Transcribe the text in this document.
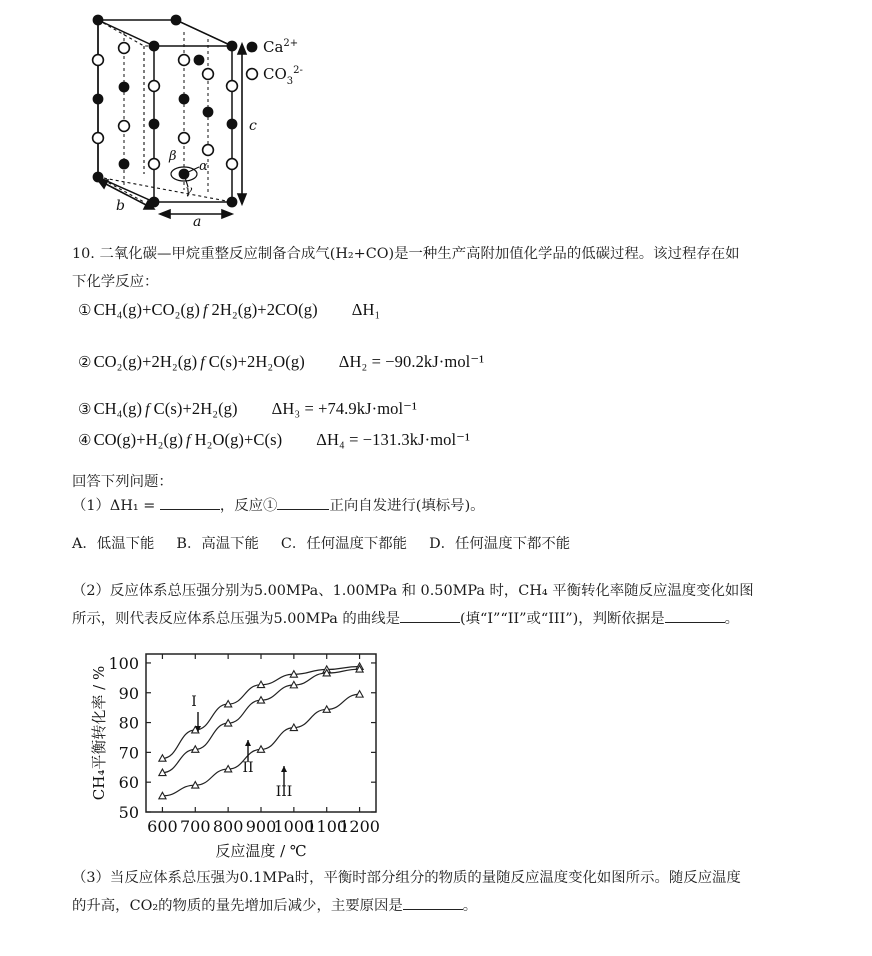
β
α
γ
a
b
c
$Ca^{2+}$
$CO_3^{2-}$
10. 二氧化碳—甲烷重整反应制备合成气(H₂+CO)是一种生产高附加值化学品的低碳过程。该过程存在如
下化学反应：
① CH₄(g)+CO₂(g) f 2H₂(g)+2CO(g) ΔH₁
② CO₂(g)+2H₂(g) f C(s)+2H₂O(g) ΔH₂ = −90.2kJ·mol⁻¹
③ CH₄(g) f C(s)+2H₂(g) ΔH₃ = +74.9kJ·mol⁻¹
④ CO(g)+H₂(g) f H₂O(g)+C(s) ΔH₄ = −131.3kJ·mol⁻¹
回答下列问题：
（1）ΔH₁ =	，反应①	正向自发进行(填标号)。
A．低温下能 B．高温下能 C．任何温度下都能 D．任何温度下都不能
（2）反应体系总压强分别为5.00MPa、1.00MPa 和 0.50MPa 时，CH₄ 平衡转化率随反应温度变化如图
所示，则代表反应体系总压强为5.00MPa 的曲线是	(填“I”“II”或“III”)，判断依据是	。
50
60
70
80
90
100
600 700 800 900
1000
1100
1200
反应温度 / ℃
CH₄平衡转化率 / %	I
II
III
（3）当反应体系总压强为0.1MPa时，平衡时部分组分的物质的量随反应温度变化如图所示。随反应温度
的升高，CO₂的物质的量先增加后减少，主要原因是	。
